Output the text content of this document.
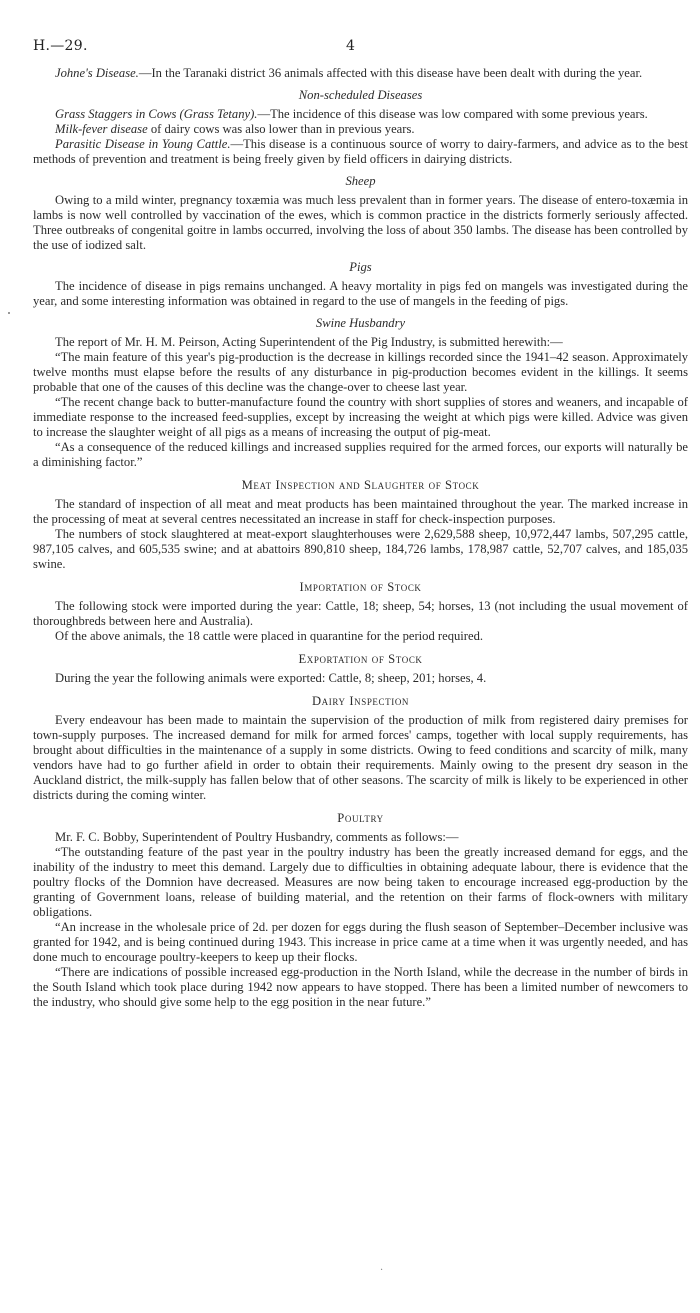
H.—29.	4

Johne's Disease.—In the Taranaki district 36 animals affected with this disease have been dealt with during the year.

Non-scheduled Diseases

Grass Staggers in Cows (Grass Tetany).—The incidence of this disease was low compared with some previous years.

Milk-fever disease of dairy cows was also lower than in previous years.

Parasitic Disease in Young Cattle.—This disease is a continuous source of worry to dairy-farmers, and advice as to the best methods of prevention and treatment is being freely given by field officers in dairying districts.

Sheep

Owing to a mild winter, pregnancy toxæmia was much less prevalent than in former years. The disease of entero-toxæmia in lambs is now well controlled by vaccination of the ewes, which is common practice in the districts formerly seriously affected. Three outbreaks of congenital goitre in lambs occurred, involving the loss of about 350 lambs. The disease has been controlled by the use of iodized salt.

Pigs

The incidence of disease in pigs remains unchanged. A heavy mortality in pigs fed on mangels was investigated during the year, and some interesting information was obtained in regard to the use of mangels in the feeding of pigs.

Swine Husbandry

The report of Mr. H. M. Peirson, Acting Superintendent of the Pig Industry, is submitted herewith:—

“The main feature of this year's pig-production is the decrease in killings recorded since the 1941–42 season. Approximately twelve months must elapse before the results of any disturbance in pig-production becomes evident in the killings. It seems probable that one of the causes of this decline was the change-over to cheese last year.

“The recent change back to butter-manufacture found the country with short supplies of stores and weaners, and incapable of immediate response to the increased feed-supplies, except by increasing the weight at which pigs were killed. Advice was given to increase the slaughter weight of all pigs as a means of increasing the output of pig-meat.

“As a consequence of the reduced killings and increased supplies required for the armed forces, our exports will naturally be a diminishing factor.”

Meat Inspection and Slaughter of Stock

The standard of inspection of all meat and meat products has been maintained throughout the year. The marked increase in the processing of meat at several centres necessitated an increase in staff for check-inspection purposes.

The numbers of stock slaughtered at meat-export slaughterhouses were 2,629,588 sheep, 10,972,447 lambs, 507,295 cattle, 987,105 calves, and 605,535 swine; and at abattoirs 890,810 sheep, 184,726 lambs, 178,987 cattle, 52,707 calves, and 185,035 swine.

Importation of Stock

The following stock were imported during the year: Cattle, 18; sheep, 54; horses, 13 (not including the usual movement of thoroughbreds between here and Australia).

Of the above animals, the 18 cattle were placed in quarantine for the period required.

Exportation of Stock

During the year the following animals were exported: Cattle, 8; sheep, 201; horses, 4.

Dairy Inspection

Every endeavour has been made to maintain the supervision of the production of milk from registered dairy premises for town-supply purposes. The increased demand for milk for armed forces' camps, together with local supply requirements, has brought about difficulties in the maintenance of a supply in some districts. Owing to feed conditions and scarcity of milk, many vendors have had to go further afield in order to obtain their requirements. Mainly owing to the present dry season in the Auckland district, the milk-supply has fallen below that of other seasons. The scarcity of milk is likely to be experienced in other districts during the coming winter.

Poultry

Mr. F. C. Bobby, Superintendent of Poultry Husbandry, comments as follows:—

“The outstanding feature of the past year in the poultry industry has been the greatly increased demand for eggs, and the inability of the industry to meet this demand. Largely due to difficulties in obtaining adequate labour, there is evidence that the poultry flocks of the Domnion have decreased. Measures are now being taken to encourage increased egg-production by the granting of Government loans, release of building material, and the retention on their farms of flock-owners with military obligations.

“An increase in the wholesale price of 2d. per dozen for eggs during the flush season of September–December inclusive was granted for 1942, and is being continued during 1943. This increase in price came at a time when it was urgently needed, and has done much to encourage poultry-keepers to keep up their flocks.

“There are indications of possible increased egg-production in the North Island, while the decrease in the number of birds in the South Island which took place during 1942 now appears to have stopped. There has been a limited number of newcomers to the industry, who should give some help to the egg position in the near future.”

·
